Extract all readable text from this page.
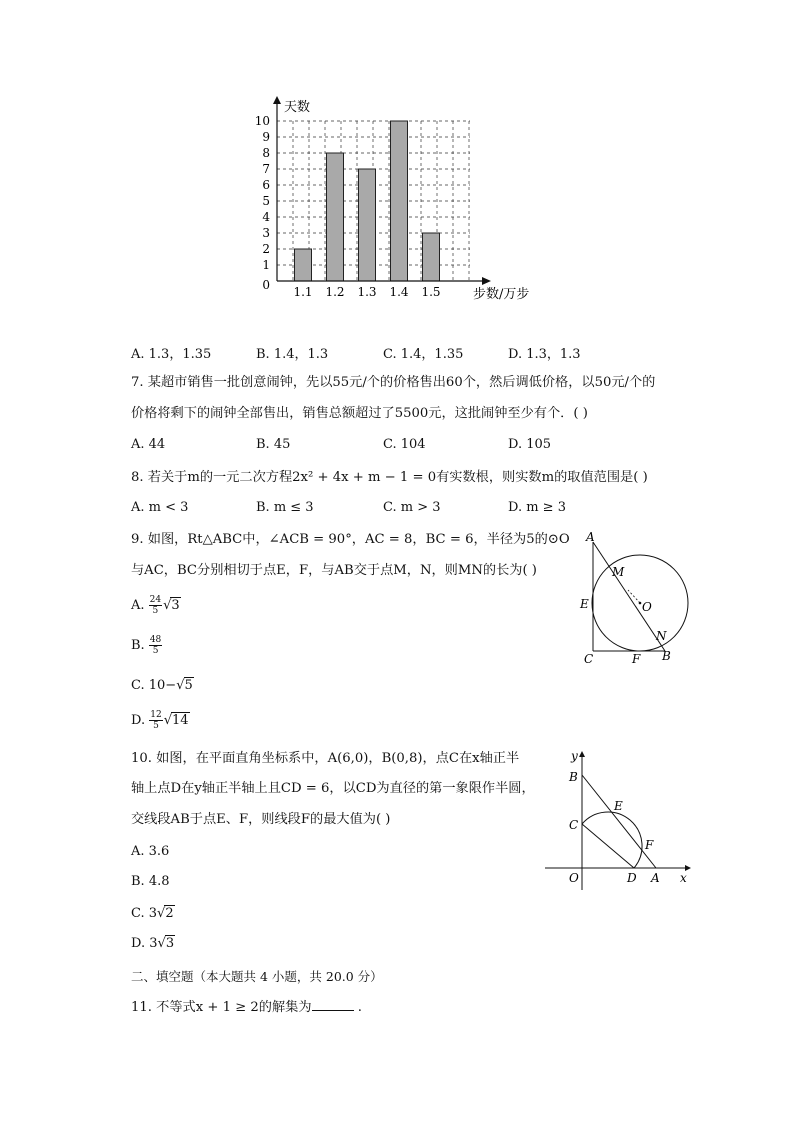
0
1
2
3
4
5
6
7
8
9
10
1.1 1.2 1.3 1.4 1.5
天数
步数/万步
A. 1.3，1.35	B. 1.4，1.3	C. 1.4，1.35	D. 1.3，1.3
7. 某超市销售一批创意闹钟，先以55元/个的价格售出60个，然后调低价格，以50元/个的
价格将剩下的闹钟全部售出，销售总额超过了5500元，这批闹钟至少有个．( )
A. 44	B. 45	C. 104	D. 105
8. 若关于m的一元二次方程2x² + 4x + m − 1 = 0有实数根，则实数m的取值范围是( )
A. m < 3	B. m ≤ 3	C. m > 3	D. m ≥ 3
9. 如图，Rt△ABC中，∠ACB = 90°，AC = 8，BC = 6，半径为5的⊙O
与AC，BC分别相切于点E，F，与AB交于点M，N，则MN的长为( )
A. $\frac{24}{5} √3$
B. $\frac{48}{5}$
C. 10−√5
D. $\frac{12}{5} √14$
A
M
E	O
N
C	F B
10. 如图，在平面直角坐标系中，A(6,0)，B(0,8)，点C在x轴正半
轴上点D在y轴正半轴上且CD = 6，以CD为直径的第一象限作半圆，
交线段AB于点E、F，则线段F的最大值为( )
A. 3.6
B. 4.8
C. 3√2
D. 3√3
y
B
E
C
F
O	D A x
二、填空题（本大题共 4 小题，共 20.0 分）
11. 不等式x + 1 ≥ 2的解集为	.
